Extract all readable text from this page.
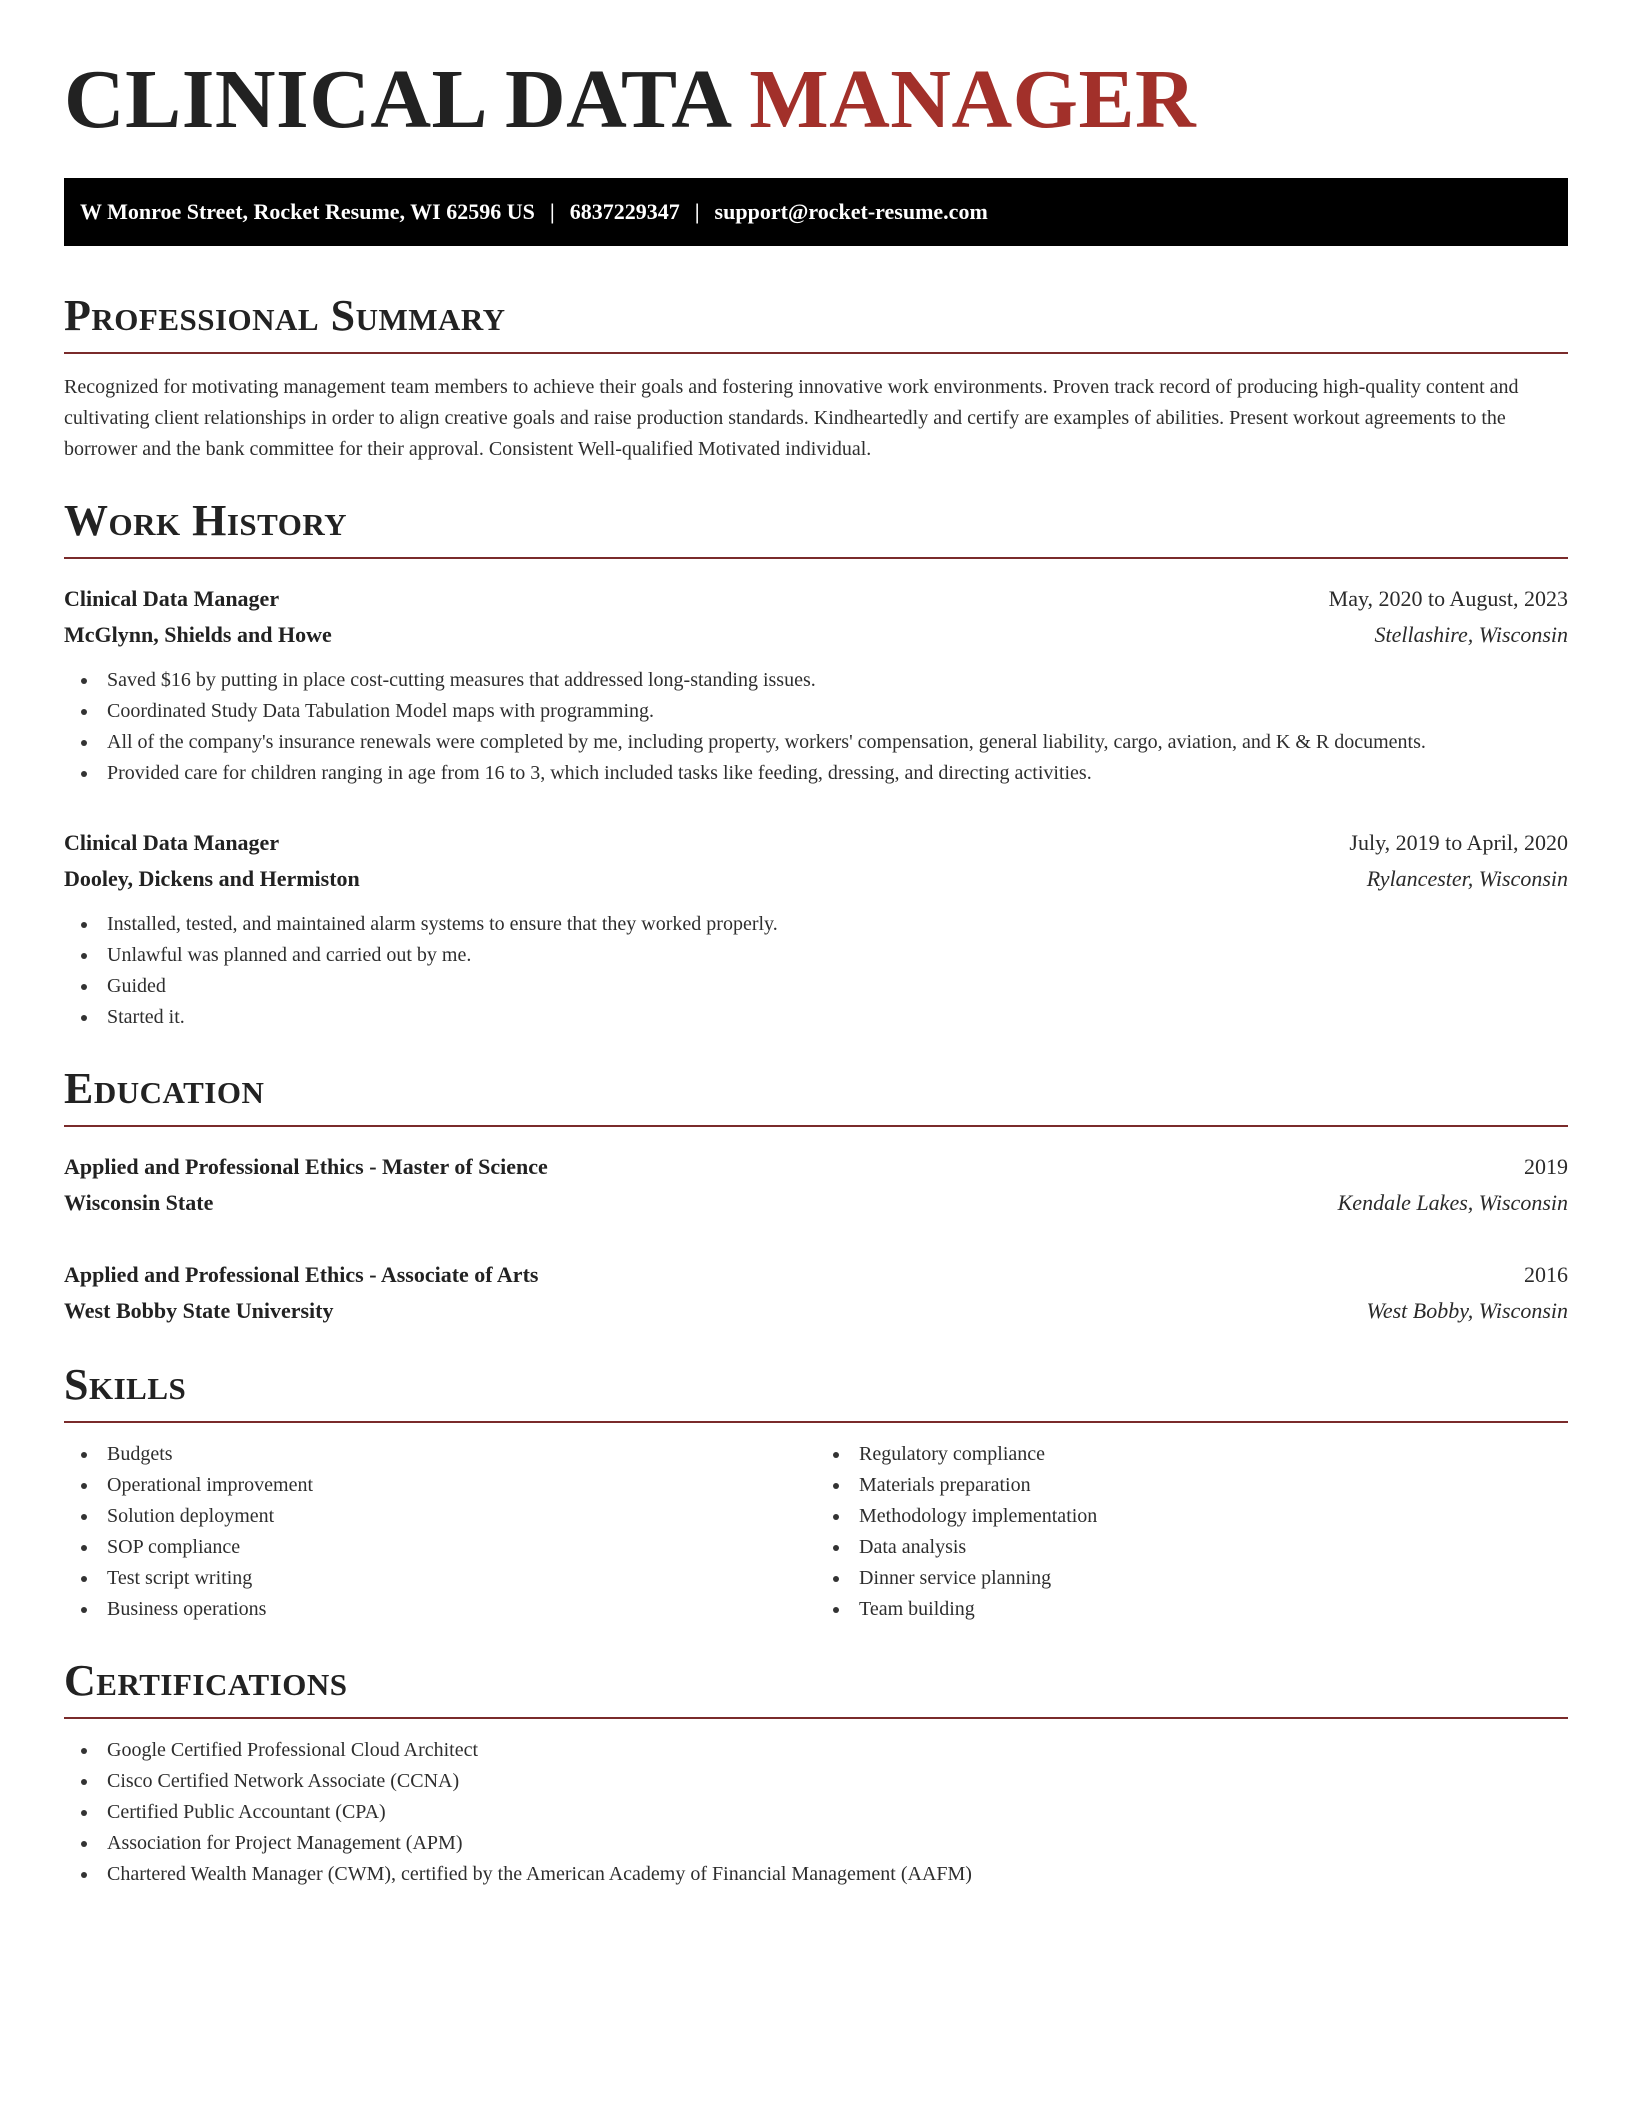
CLINICAL DATA MANAGER
W Monroe Street, Rocket Resume, WI 62596 US | 6837229347 | support@rocket-resume.com
Professional Summary

Recognized for motivating management team members to achieve their goals and fostering innovative work environments. Proven track record of producing high-quality content and cultivating client relationships in order to align creative goals and raise production standards. Kindheartedly and certify are examples of abilities. Present workout agreements to the borrower and the bank committee for their approval. Consistent Well-qualified Motivated individual.

Work History
Clinical Data Manager	May, 2020 to August, 2023
McGlynn, Shields and Howe	Stellashire, Wisconsin
Saved $16 by putting in place cost-cutting measures that addressed long-standing issues.
Coordinated Study Data Tabulation Model maps with programming.
All of the company's insurance renewals were completed by me, including property, workers' compensation, general liability, cargo, aviation, and K & R documents.
Provided care for children ranging in age from 16 to 3, which included tasks like feeding, dressing, and directing activities.
Clinical Data Manager	July, 2019 to April, 2020
Dooley, Dickens and Hermiston	Rylancester, Wisconsin
Installed, tested, and maintained alarm systems to ensure that they worked properly.
Unlawful was planned and carried out by me.
Guided
Started it.
Education
Applied and Professional Ethics - Master of Science	2019
Wisconsin State	Kendale Lakes, Wisconsin
Applied and Professional Ethics - Associate of Arts	2016
West Bobby State University	West Bobby, Wisconsin
Skills
Budgets
Operational improvement
Solution deployment
SOP compliance
Test script writing
Business operations
Regulatory compliance
Materials preparation
Methodology implementation
Data analysis
Dinner service planning
Team building
Certifications
Google Certified Professional Cloud Architect
Cisco Certified Network Associate (CCNA)
Certified Public Accountant (CPA)
Association for Project Management (APM)
Chartered Wealth Manager (CWM), certified by the American Academy of Financial Management (AAFM)
